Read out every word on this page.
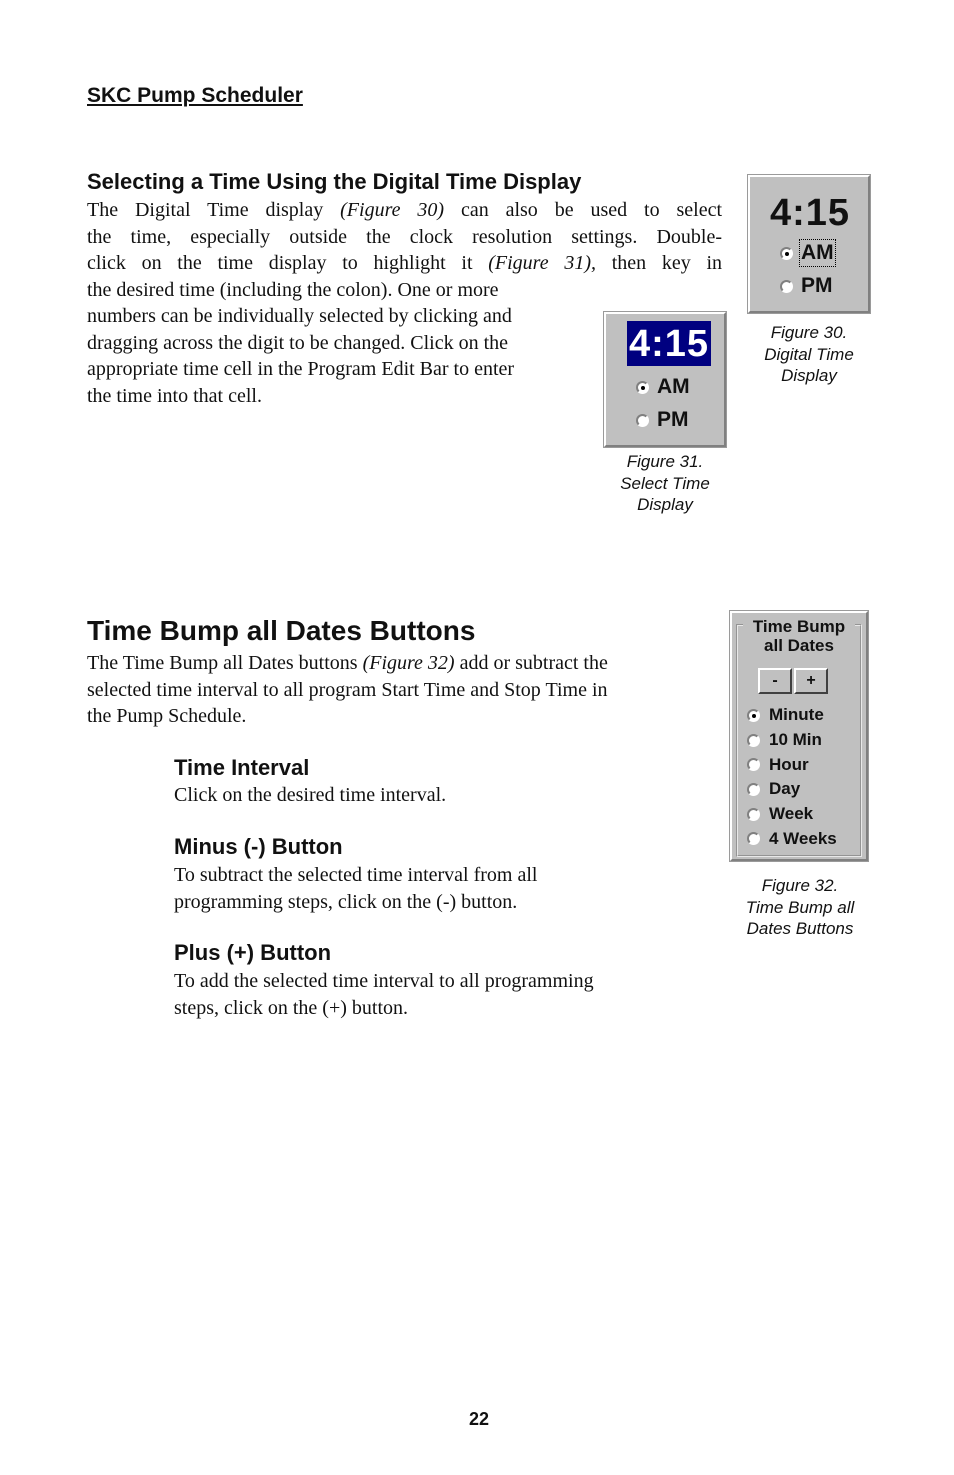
SKC Pump Scheduler
Selecting a Time Using the Digital Time Display
The Digital Time display (Figure 30) can also be used to select
the time, especially outside the clock resolution settings. Double-
click on the time display to highlight it (Figure 31), then key in
the desired time (including the colon). One or more
numbers can be individually selected by clicking and
dragging across the digit to be changed. Click on the
appropriate time cell in the Program Edit Bar to enter
the time into that cell.
4:15
AM
PM
Figure 30.
Digital Time
Display
4:15
AM
PM
Figure 31.
Select Time
Display
Time Bump all Dates Buttons
The Time Bump all Dates buttons (Figure 32) add or subtract the
selected time interval to all program Start Time and Stop Time in
the Pump Schedule.
Time Interval
Click on the desired time interval.
Minus (-) Button
To subtract the selected time interval from all
programming steps, click on the (-) button.
Plus (+) Button
To add the selected time interval to all programming
steps, click on the (+) button.
Time Bump
all Dates
-	+
Minute
10 Min
Hour
Day
Week
4 Weeks
Figure 32.
Time Bump all
Dates Buttons
22
